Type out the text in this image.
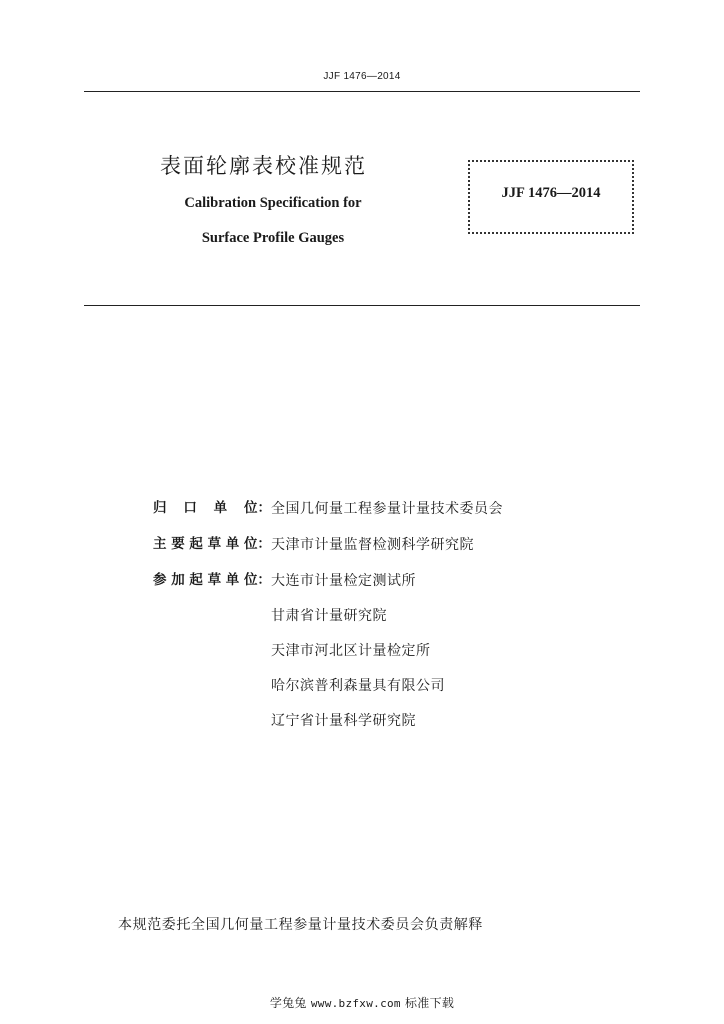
JJF 1476—2014
表面轮廓表校准规范
Calibration Specification for
Surface Profile Gauges
JJF 1476—2014
归 口 单 位： 全国几何量工程参量计量技术委员会
主 要 起 草 单 位： 天津市计量监督检测科学研究院
参 加 起 草 单 位： 大连市计量检定测试所
甘肃省计量研究院
天津市河北区计量检定所
哈尔滨普利森量具有限公司
辽宁省计量科学研究院
本规范委托全国几何量工程参量计量技术委员会负责解释
学兔兔 www.bzfxw.com 标准下载
